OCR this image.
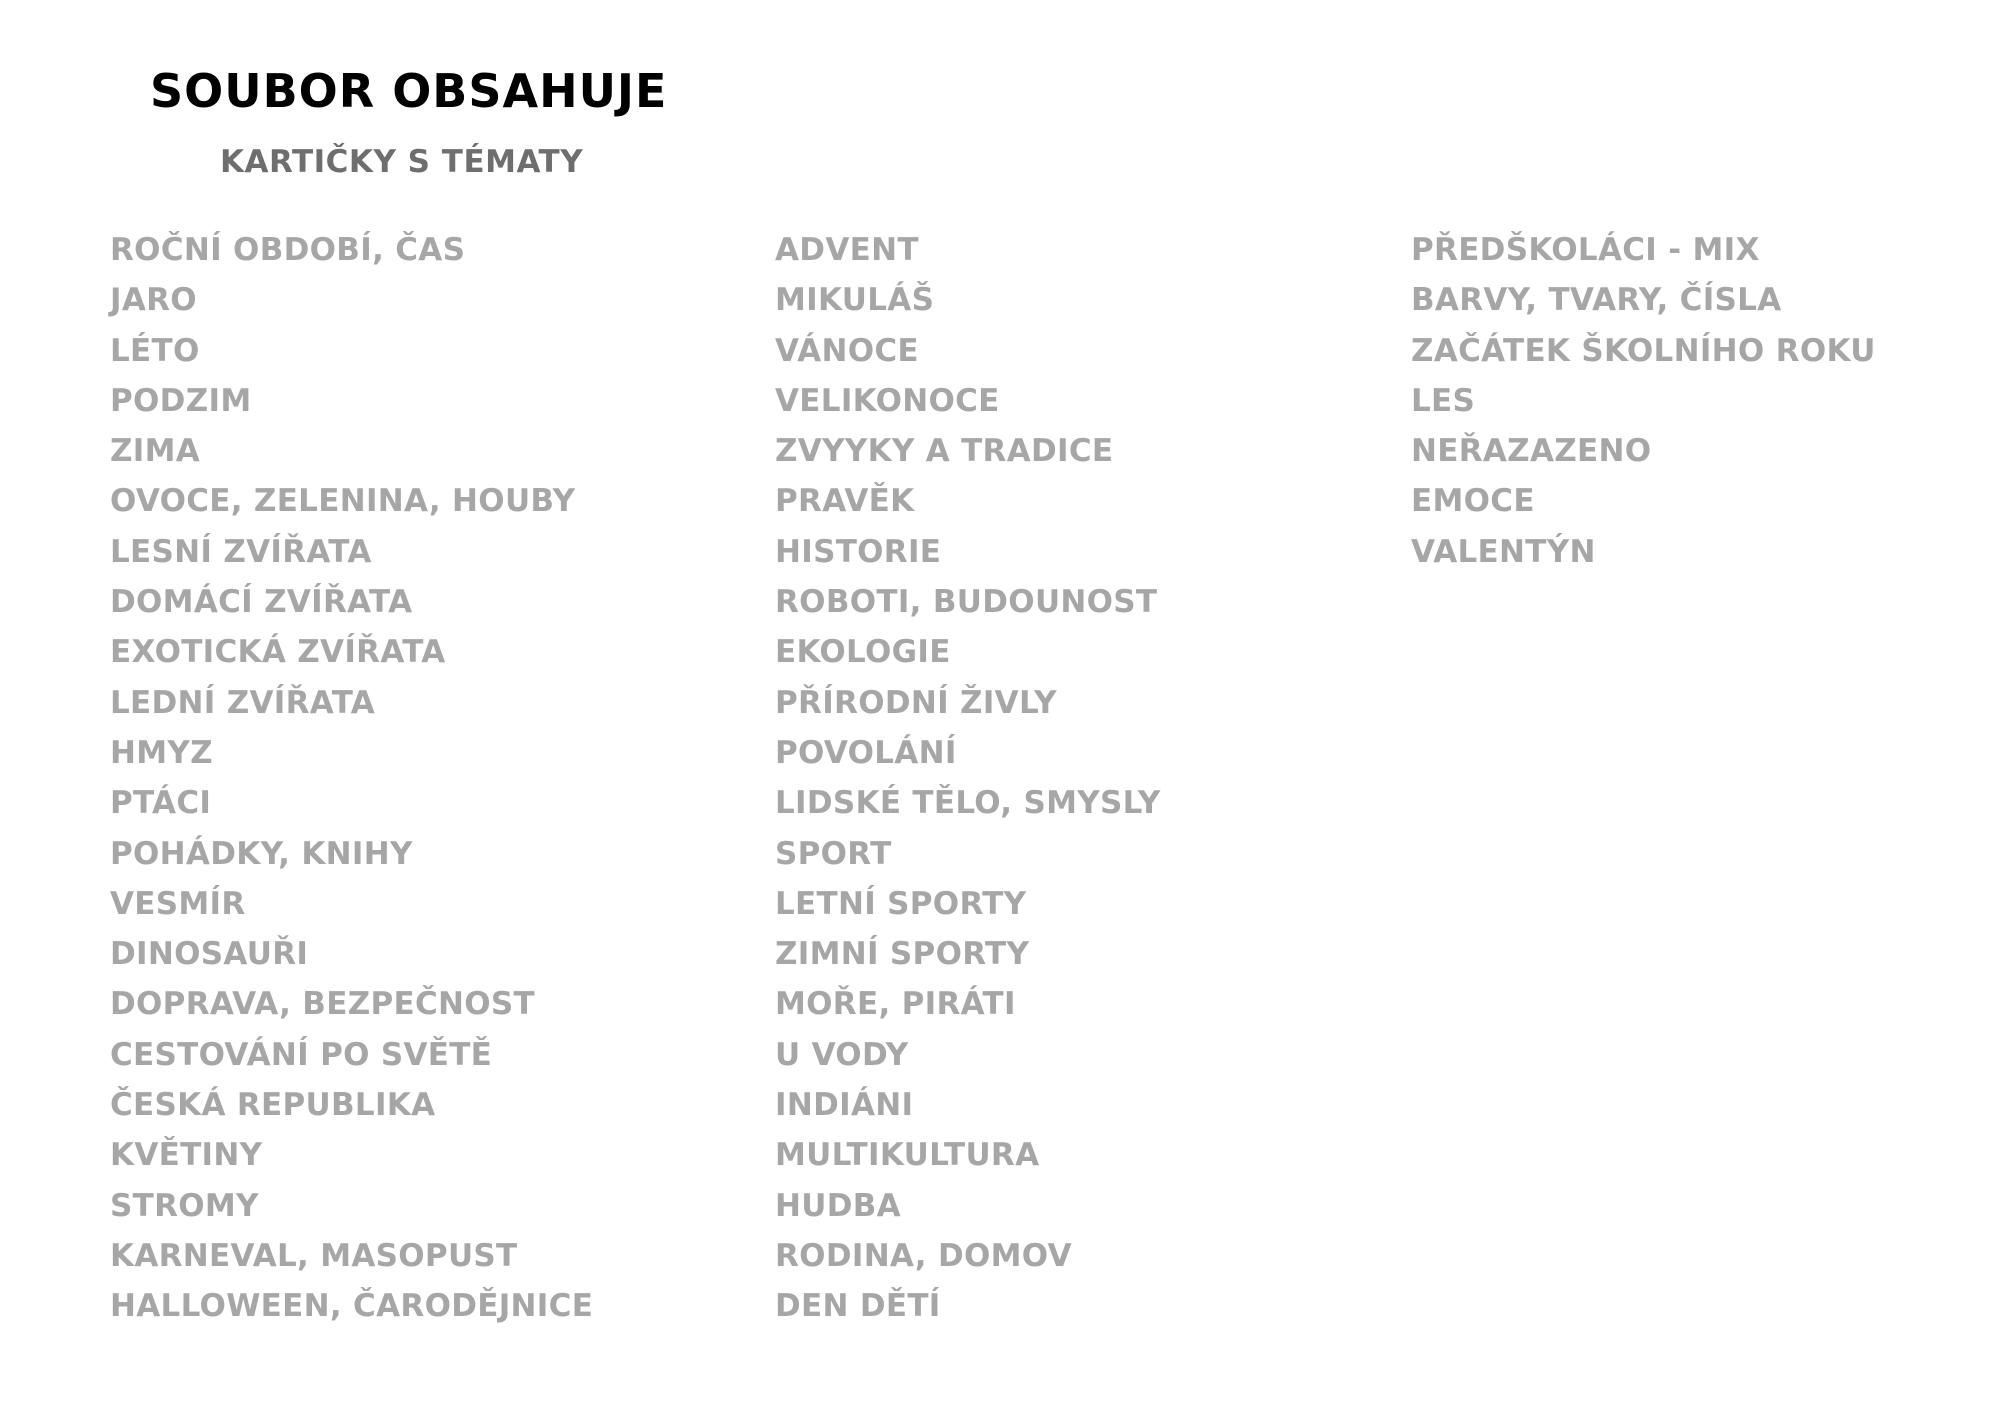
SOUBOR OBSAHUJE
KARTIČKY S TÉMATY
ROČNÍ OBDOBÍ, ČAS
JARO
LÉTO
PODZIM
ZIMA
OVOCE, ZELENINA, HOUBY
LESNÍ ZVÍŘATA
DOMÁCÍ ZVÍŘATA
EXOTICKÁ ZVÍŘATA
LEDNÍ ZVÍŘATA
HMYZ
PTÁCI
POHÁDKY, KNIHY
VESMÍR
DINOSAUŘI
DOPRAVA, BEZPEČNOST
CESTOVÁNÍ PO SVĚTĚ
ČESKÁ REPUBLIKA
KVĚTINY
STROMY
KARNEVAL, MASOPUST
HALLOWEEN, ČARODĚJNICE
ADVENT
MIKULÁŠ
VÁNOCE
VELIKONOCE
ZVYYKY A TRADICE
PRAVĚK
HISTORIE
ROBOTI, BUDOUNOST
EKOLOGIE
PŘÍRODNÍ ŽIVLY
POVOLÁNÍ
LIDSKÉ TĚLO, SMYSLY
SPORT
LETNÍ SPORTY
ZIMNÍ SPORTY
MOŘE, PIRÁTI
U VODY
INDIÁNI
MULTIKULTURA
HUDBA
RODINA, DOMOV
DEN DĚTÍ
PŘEDŠKOLÁCI - MIX
BARVY, TVARY, ČÍSLA
ZAČÁTEK ŠKOLNÍHO ROKU
LES
NEŘAZAZENO
EMOCE
VALENTÝN
